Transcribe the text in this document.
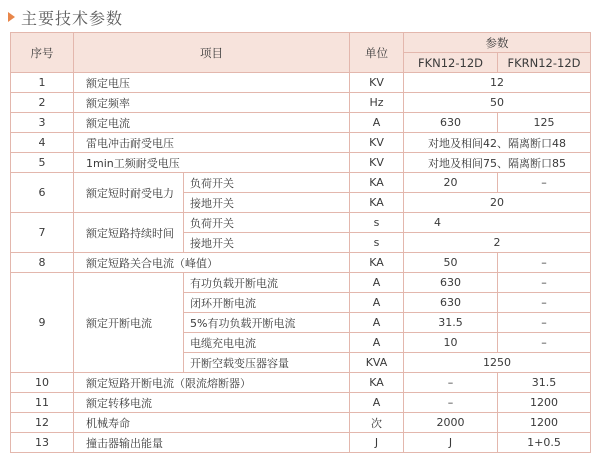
主要技术参数
序号	项目		单位	参数	
				FKN12-12D	FKRN12-12D
1	额定电压		KV	12	
2	额定频率		Hz	50	
3	额定电流		A	630	125
4	雷电冲击耐受电压		KV	对地及相间42、隔离断口48	
5	1min工频耐受电压		KV	对地及相间75、隔离断口85	
6	额定短时耐受电力	负荷开关	KA	20	–
		接地开关	KA	20	
7	额定短路持续时间	负荷开关	s	4	
		接地开关	s	2	
8	额定短路关合电流（峰值）		KA	50	–
9	额定开断电流	有功负载开断电流	A	630	–
		闭环开断电流	A	630	–
		5%有功负载开断电流	A	31.5	–
		电缆充电电流	A	10	–
		开断空载变压器容量	KVA	1250	
10	额定短路开断电流（限流熔断器）		KA	–	31.5
11	额定转移电流		A	–	1200
12	机械寿命		次	2000	1200
13	撞击器输出能量		J	J	1+0.5
